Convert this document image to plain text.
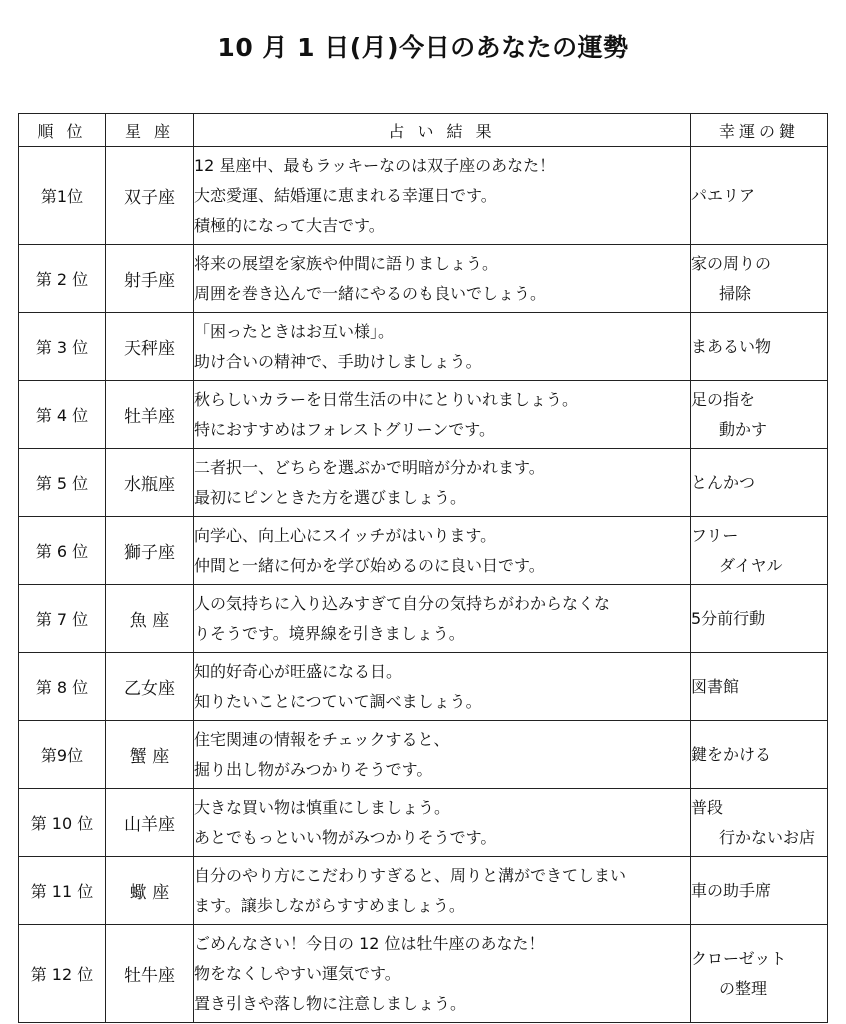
10 月 1 日(月)今日のあなたの運勢
順 位	星 座	占 い 結 果	幸運の鍵
第1位	双子座	12 星座中、最もラッキーなのは双子座のあなた！
大恋愛運、結婚運に恵まれる幸運日です。
積極的になって大吉です。	パエリア

第 2 位	射手座	将来の展望を家族や仲間に語りましょう。
周囲を巻き込んで一緒にやるのも良いでしょう。	家の周りの
掃除

第 3 位	天秤座	「困ったときはお互い様」。
助け合いの精神で、手助けしましょう。	まあるい物

第 4 位	牡羊座	秋らしいカラーを日常生活の中にとりいれましょう。
特におすすめはフォレストグリーンです。	足の指を
動かす

第 5 位	水瓶座	二者択一、どちらを選ぶかで明暗が分かれます。
最初にピンときた方を選びましょう。	とんかつ

第 6 位	獅子座	向学心、向上心にスイッチがはいります。
仲間と一緒に何かを学び始めるのに良い日です。	フリー
ダイヤル

第 7 位	魚 座	人の気持ちに入り込みすぎて自分の気持ちがわからなくな
りそうです。境界線を引きましょう。	5分前行動

第 8 位	乙女座	知的好奇心が旺盛になる日。
知りたいことにつていて調べましょう。	図書館

第9位	蟹 座	住宅関連の情報をチェックすると、
掘り出し物がみつかりそうです。	鍵をかける

第 10 位	山羊座	大きな買い物は慎重にしましょう。
あとでもっといい物がみつかりそうです。	普段
行かないお店

第 11 位	蠍 座	自分のやり方にこだわりすぎると、周りと溝ができてしまい
ます。譲歩しながらすすめましょう。	車の助手席

第 12 位	牡牛座	ごめんなさい！今日の 12 位は牡牛座のあなた！
物をなくしやすい運気です。
置き引きや落し物に注意しましょう。	クローゼット
の整理
